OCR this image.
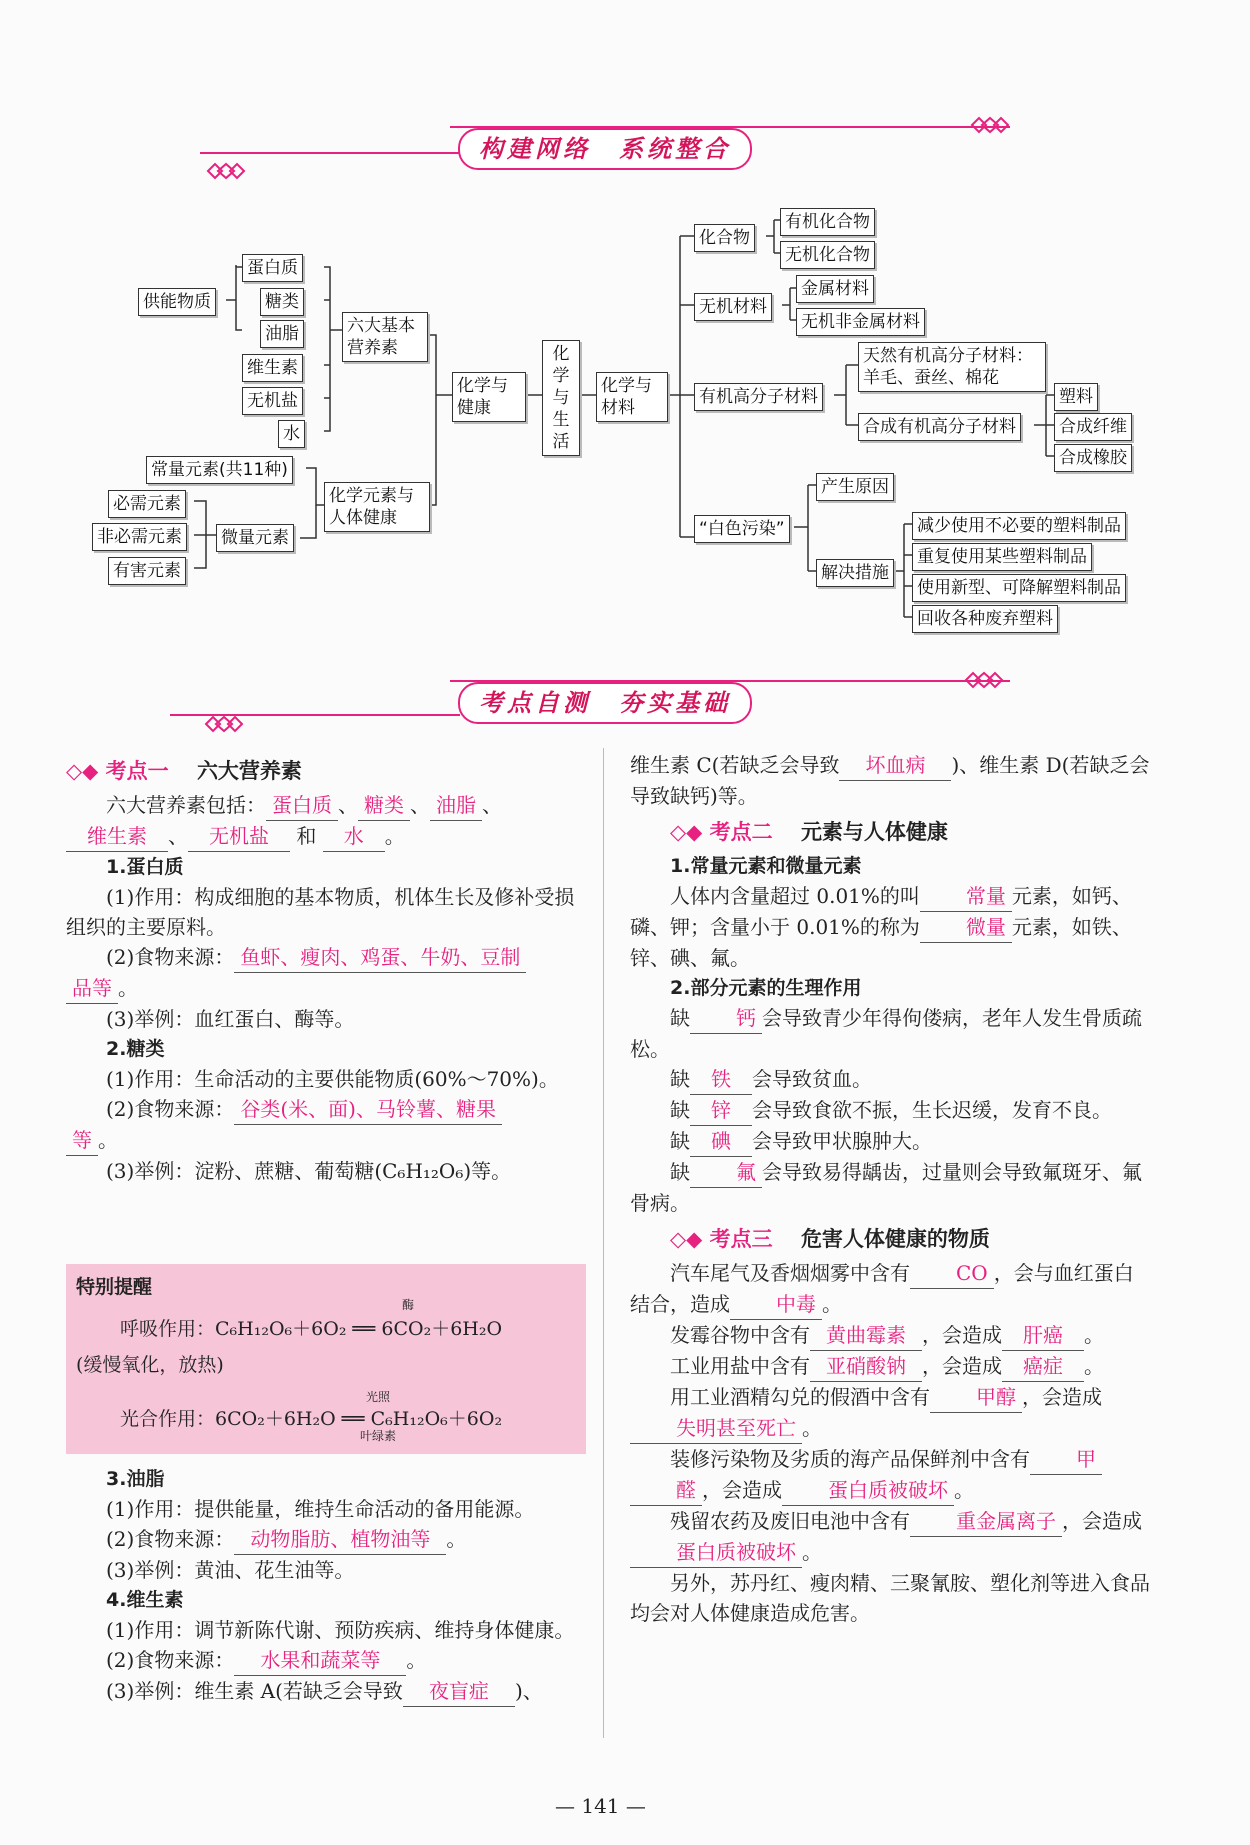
构建网络　系统整合
供能物质
蛋白质
糖类
油脂
维生素
无机盐
水
六大基本营养素
常量元素(共11种)
必需元素
非必需元素
有害元素
微量元素
化学元素与人体健康
化学与健康
化学与生活
化学与材料
化合物
有机化合物
无机化合物
无机材料
金属材料
无机非金属材料
有机高分子材料
天然有机高分子材料：羊毛、蚕丝、棉花
合成有机高分子材料
塑料
合成纤维
合成橡胶
“白色污染”
产生原因
解决措施
减少使用不必要的塑料制品
重复使用某些塑料制品
使用新型、可降解塑料制品
回收各种废弃塑料
考点自测　夯实基础
◇◆ 考点一　 六大营养素

六大营养素包括： 蛋白质 、 糖类 、 油脂 、

维生素 、 无机盐 和 水 。

1.蛋白质

(1)作用：构成细胞的基本物质，机体生长及修补受损组织的主要原料。

(2)食物来源： 鱼虾、瘦肉、鸡蛋、牛奶、豆制

品等 。

(3)举例：血红蛋白、酶等。

2.糖类

(1)作用：生命活动的主要供能物质(60%～70%)。

(2)食物来源： 谷类(米、面)、马铃薯、糖果

等 。

(3)举例：淀粉、蔗糖、葡萄糖(C₆H₁₂O₆)等。

特别提醒
呼吸作用：C₆H₁₂O₆＋6O₂ ══ 6CO₂＋6H₂O
酶
(缓慢氧化，放热)
光合作用：6CO₂＋6H₂O ══ C₆H₁₂O₆＋6O₂
光照
叶绿素
3.油脂

(1)作用：提供能量，维持生命活动的备用能源。

(2)食物来源： 动物脂肪、植物油等 。

(3)举例：黄油、花生油等。

4.维生素

(1)作用：调节新陈代谢、预防疾病、维持身体健康。

(2)食物来源： 水果和蔬菜等 。

(3)举例：维生素 A(若缺乏会导致 夜盲症 )、

维生素 C(若缺乏会导致 坏血病 )、维生素 D(若缺乏会导致缺钙)等。

◇◆ 考点二　 元素与人体健康
1.常量元素和微量元素

人体内含量超过 0.01%的叫 常量 元素，如钙、磷、钾；含量小于 0.01%的称为 微量 元素，如铁、锌、碘、氟。

2.部分元素的生理作用

缺 钙 会导致青少年得佝偻病，老年人发生骨质疏松。

缺 铁 会导致贫血。

缺 锌 会导致食欲不振，生长迟缓，发育不良。

缺 碘 会导致甲状腺肿大。

缺 氟 会导致易得龋齿，过量则会导致氟斑牙、氟骨病。

◇◆ 考点三　 危害人体健康的物质

汽车尾气及香烟烟雾中含有 CO ，会与血红蛋白结合，造成 中毒 。

发霉谷物中含有 黄曲霉素 ，会造成 肝癌 。

工业用盐中含有 亚硝酸钠 ，会造成 癌症 。

用工业酒精勾兑的假酒中含有 甲醇 ，会造成失明甚至死亡 。

装修污染物及劣质的海产品保鲜剂中含有 甲醛 ，会造成 蛋白质被破坏 。

残留农药及废旧电池中含有 重金属离子 ，会造成蛋白质被破坏 。

另外，苏丹红、瘦肉精、三聚氰胺、塑化剂等进入食品均会对人体健康造成危害。

— 141 —
